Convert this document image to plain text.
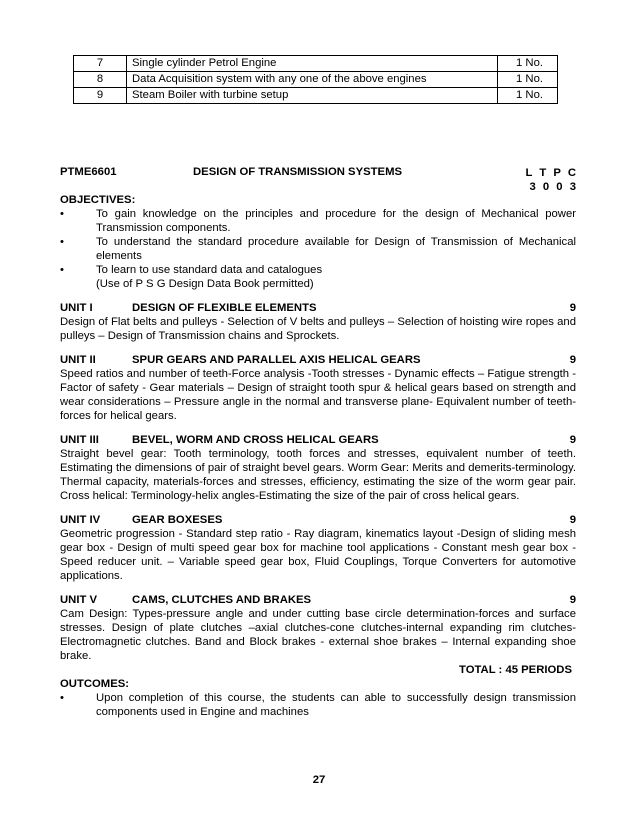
7	Single cylinder Petrol Engine	1 No.
8	Data Acquisition system with any one of the above engines	1 No.
9	Steam Boiler with turbine setup	1 No.
PTME6601	DESIGN OF TRANSMISSION SYSTEMS	L T P C
3 0 0 3
OBJECTIVES:
•	To gain knowledge on the principles and procedure for the design of Mechanical power Transmission components.
•	To understand the standard procedure available for Design of Transmission of Mechanical elements
•	To learn to use standard data and catalogues
(Use of P S G Design Data Book permitted)
UNIT I	DESIGN OF FLEXIBLE ELEMENTS	9
Design of Flat belts and pulleys - Selection of V belts and pulleys – Selection of hoisting wire ropes and pulleys – Design of Transmission chains and Sprockets.
UNIT II	SPUR GEARS AND PARALLEL AXIS HELICAL GEARS	9
Speed ratios and number of teeth-Force analysis -Tooth stresses - Dynamic effects – Fatigue strength - Factor of safety - Gear materials – Design of straight tooth spur & helical gears based on strength and wear considerations – Pressure angle in the normal and transverse plane- Equivalent number of teeth-forces for helical gears.
UNIT III	BEVEL, WORM AND CROSS HELICAL GEARS	9
Straight bevel gear: Tooth terminology, tooth forces and stresses, equivalent number of teeth. Estimating the dimensions of pair of straight bevel gears. Worm Gear: Merits and demerits-terminology. Thermal capacity, materials-forces and stresses, efficiency, estimating the size of the worm gear pair. Cross helical: Terminology-helix angles-Estimating the size of the pair of cross helical gears.
UNIT IV	GEAR BOXESES	9
Geometric progression - Standard step ratio - Ray diagram, kinematics layout -Design of sliding mesh gear box - Design of multi speed gear box for machine tool applications - Constant mesh gear box - Speed reducer unit. – Variable speed gear box, Fluid Couplings, Torque Converters for automotive applications.
UNIT V	CAMS, CLUTCHES AND BRAKES	9
Cam Design: Types-pressure angle and under cutting base circle determination-forces and surface stresses. Design of plate clutches –axial clutches-cone clutches-internal expanding rim clutches-Electromagnetic clutches. Band and Block brakes - external shoe brakes – Internal expanding shoe brake.
TOTAL : 45 PERIODS
OUTCOMES:
•	Upon completion of this course, the students can able to successfully design transmission components used in Engine and machines
27
